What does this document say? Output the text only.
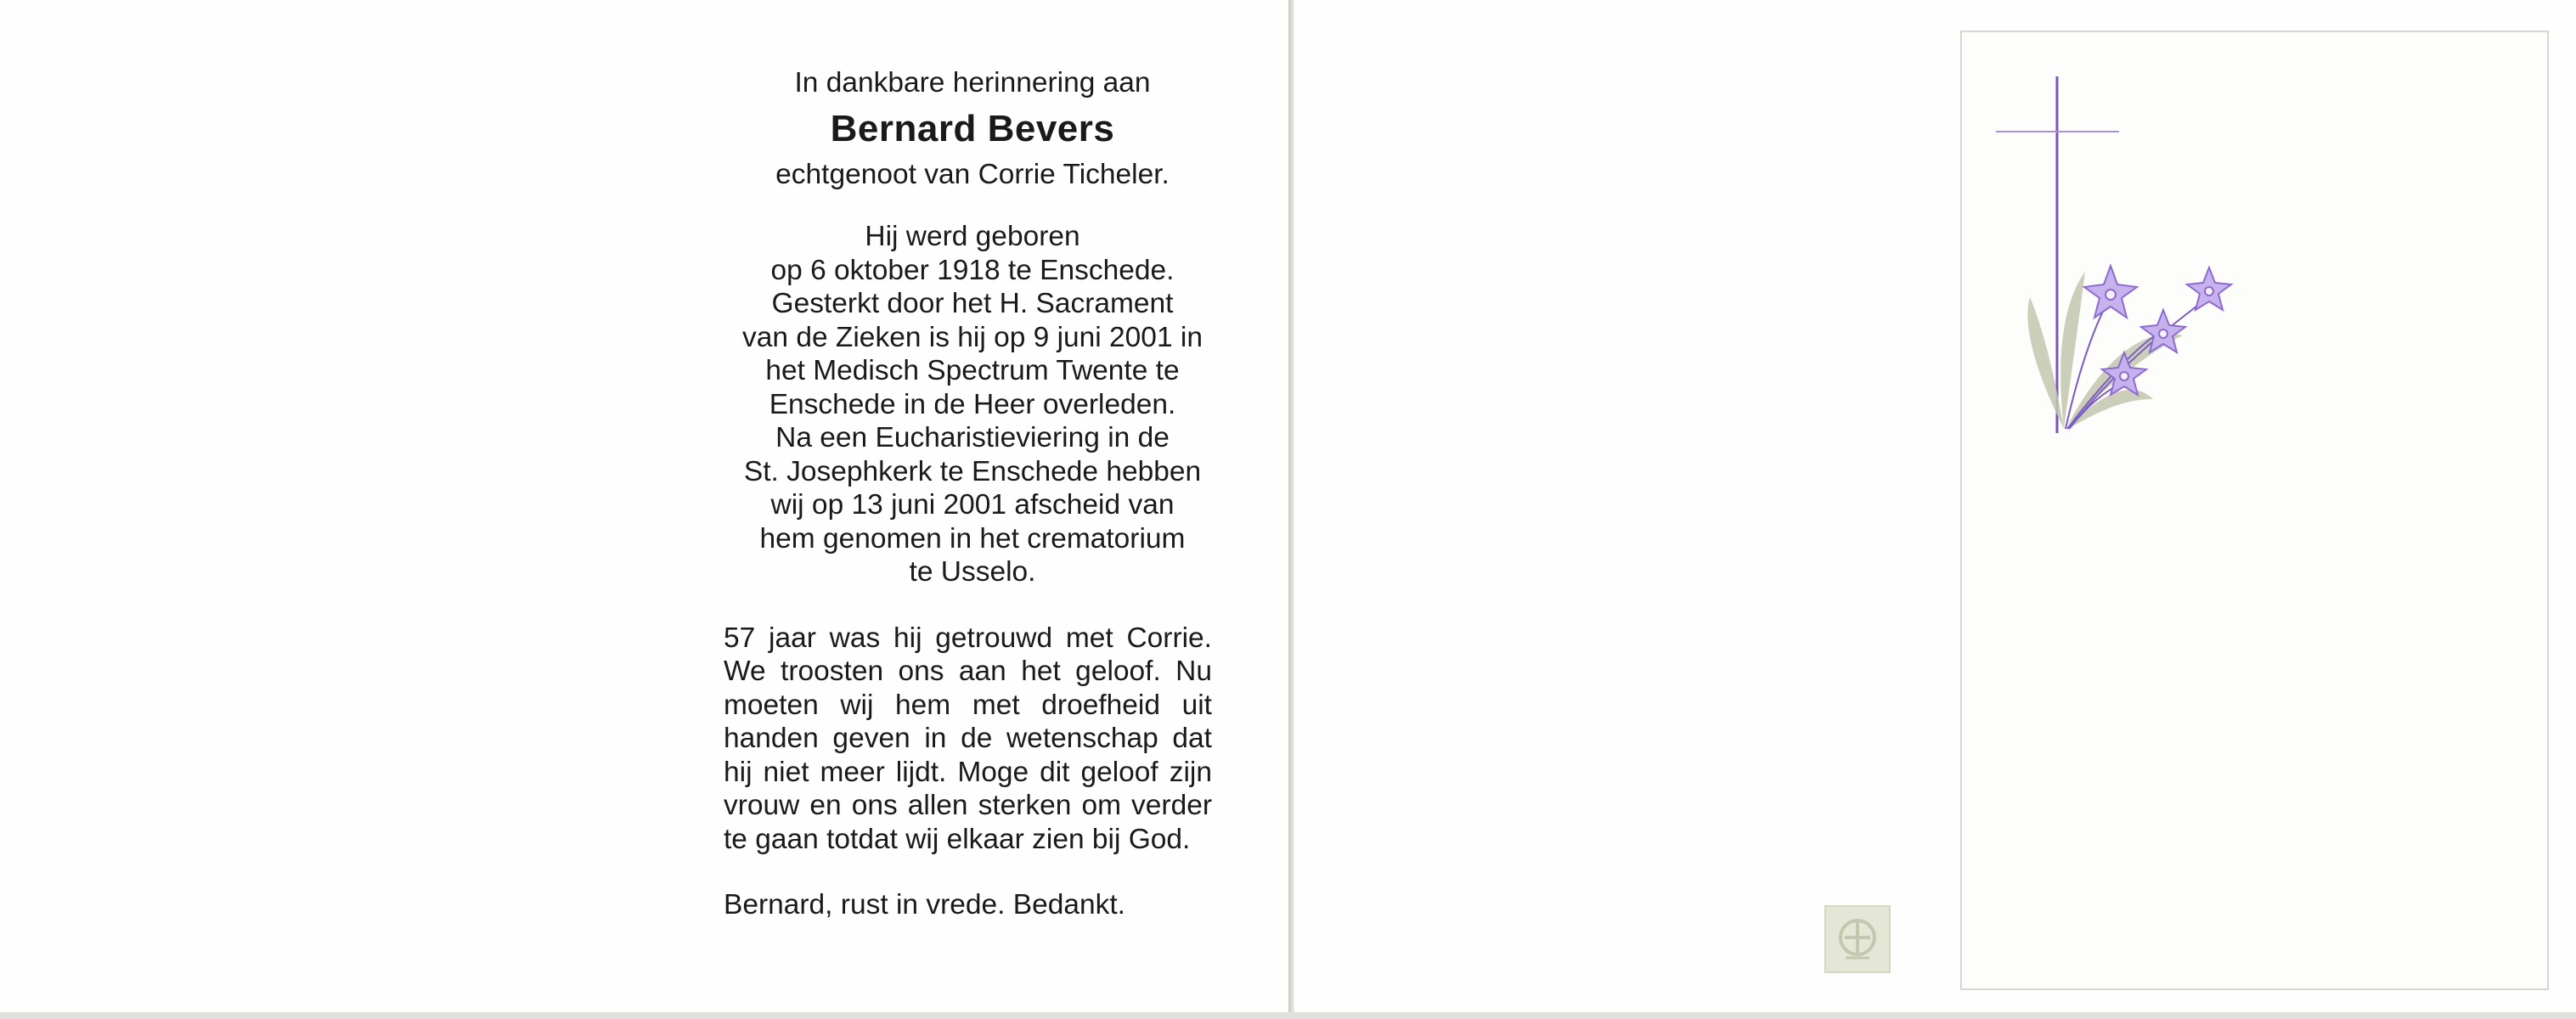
In dankbare herinnering aan
Bernard Bevers
echtgenoot van Corrie Ticheler.
Hij werd geboren
op 6 oktober 1918 te Enschede.
Gesterkt door het H. Sacrament
van de Zieken is hij op 9 juni 2001 in
het Medisch Spectrum Twente te
Enschede in de Heer overleden.
Na een Eucharistieviering in de
St. Josephkerk te Enschede hebben
wij op 13 juni 2001 afscheid van
hem genomen in het crematorium
te Usselo.
57 jaar was hij getrouwd met Corrie.
We troosten ons aan het geloof. Nu
moeten wij hem met droefheid uit
handen geven in de wetenschap dat
hij niet meer lijdt. Moge dit geloof zijn
vrouw en ons allen sterken om verder
te gaan totdat wij elkaar zien bij God.
Bernard, rust in vrede. Bedankt.
